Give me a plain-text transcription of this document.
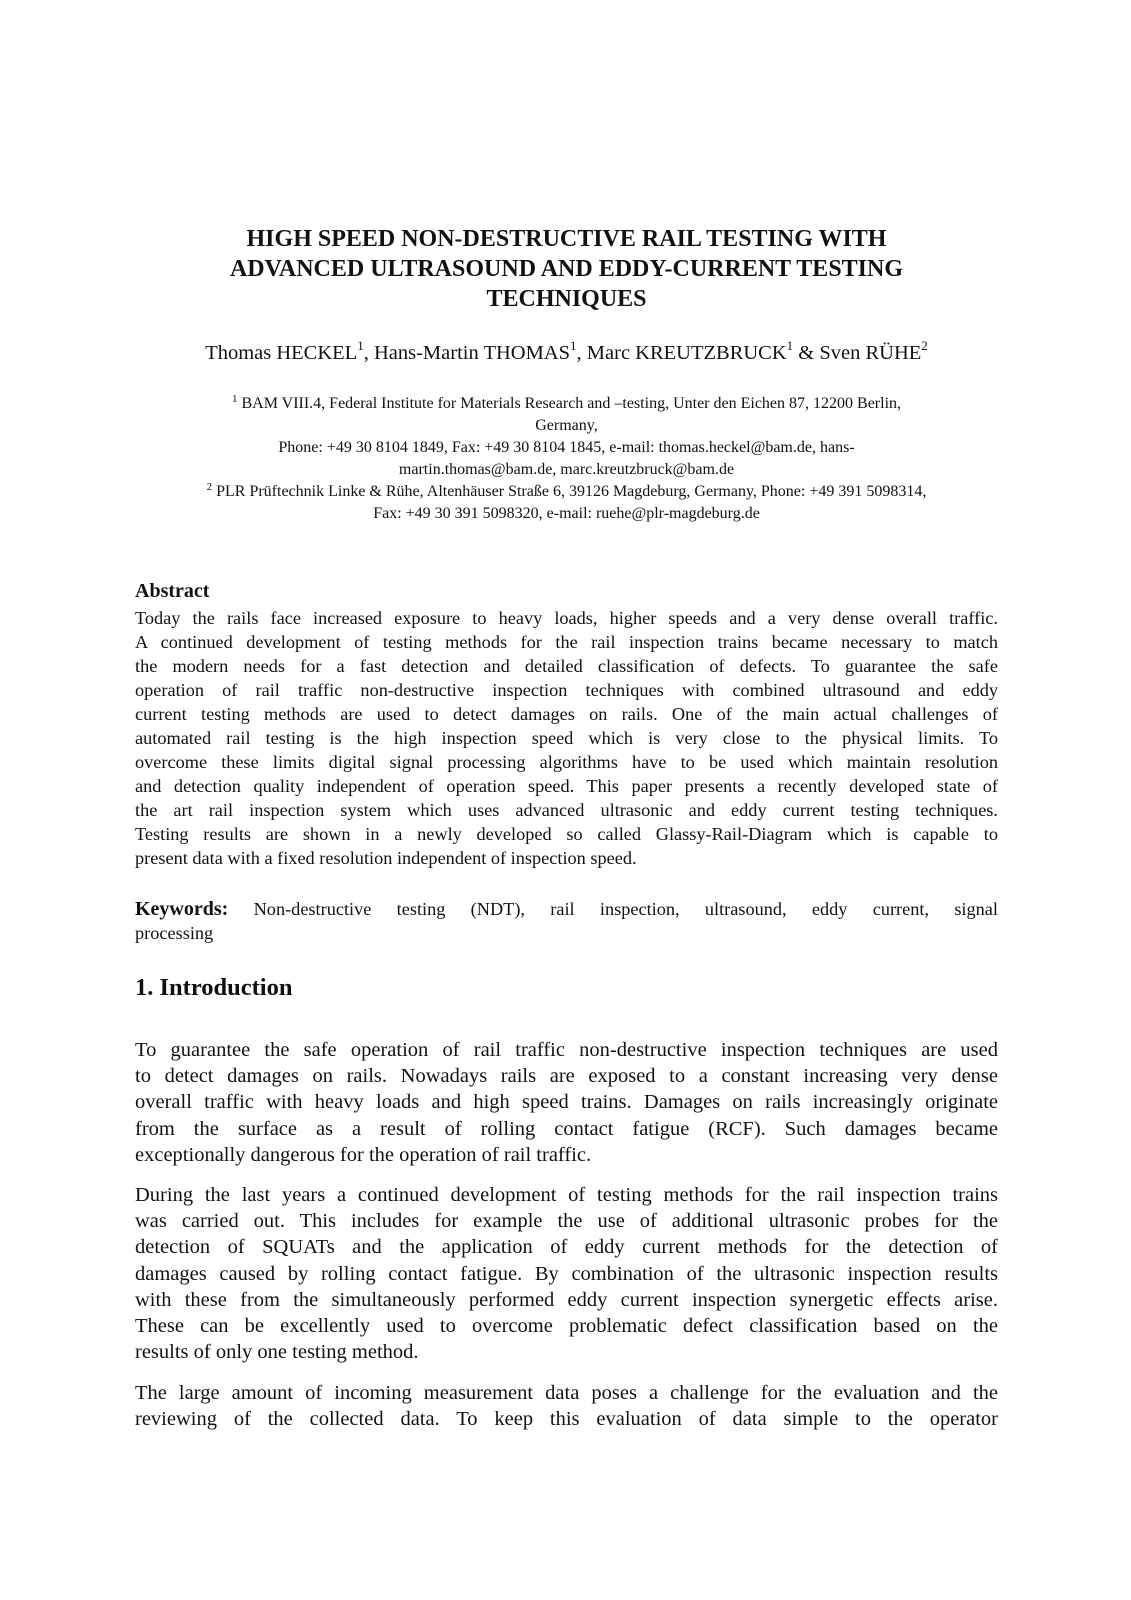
HIGH SPEED NON-DESTRUCTIVE RAIL TESTING WITH
ADVANCED ULTRASOUND AND EDDY-CURRENT TESTING
TECHNIQUES
Thomas HECKEL$^1$, Hans-Martin THOMAS$^1$, Marc KREUTZBRUCK$^1$ & Sven RÜHE$^2$
$^1$ BAM VIII.4, Federal Institute for Materials Research and –testing, Unter den Eichen 87, 12200 Berlin,
Germany,
Phone: +49 30 8104 1849, Fax: +49 30 8104 1845, e-mail: thomas.heckel@bam.de, hans-
martin.thomas@bam.de, marc.kreutzbruck@bam.de
$^2$ PLR Prüftechnik Linke & Rühe, Altenhäuser Straße 6, 39126 Magdeburg, Germany, Phone: +49 391 5098314,
Fax: +49 30 391 5098320, e-mail: ruehe@plr-magdeburg.de
Abstract
Today the rails face increased exposure to heavy loads, higher speeds and a very dense overall traffic.
A continued development of testing methods for the rail inspection trains became necessary to match
the modern needs for a fast detection and detailed classification of defects. To guarantee the safe
operation of rail traffic non-destructive inspection techniques with combined ultrasound and eddy
current testing methods are used to detect damages on rails. One of the main actual challenges of
automated rail testing is the high inspection speed which is very close to the physical limits. To
overcome these limits digital signal processing algorithms have to be used which maintain resolution
and detection quality independent of operation speed. This paper presents a recently developed state of
the art rail inspection system which uses advanced ultrasonic and eddy current testing techniques.
Testing results are shown in a newly developed so called Glassy-Rail-Diagram which is capable to
present data with a fixed resolution independent of inspection speed.
Keywords: Non-destructive testing (NDT), rail inspection, ultrasound, eddy current, signal
processing
1. Introduction
To guarantee the safe operation of rail traffic non-destructive inspection techniques are used
to detect damages on rails. Nowadays rails are exposed to a constant increasing very dense
overall traffic with heavy loads and high speed trains. Damages on rails increasingly originate
from the surface as a result of rolling contact fatigue (RCF). Such damages became
exceptionally dangerous for the operation of rail traffic.
During the last years a continued development of testing methods for the rail inspection trains
was carried out. This includes for example the use of additional ultrasonic probes for the
detection of SQUATs and the application of eddy current methods for the detection of
damages caused by rolling contact fatigue. By combination of the ultrasonic inspection results
with these from the simultaneously performed eddy current inspection synergetic effects arise.
These can be excellently used to overcome problematic defect classification based on the
results of only one testing method.
The large amount of incoming measurement data poses a challenge for the evaluation and the
reviewing of the collected data. To keep this evaluation of data simple to the operator
